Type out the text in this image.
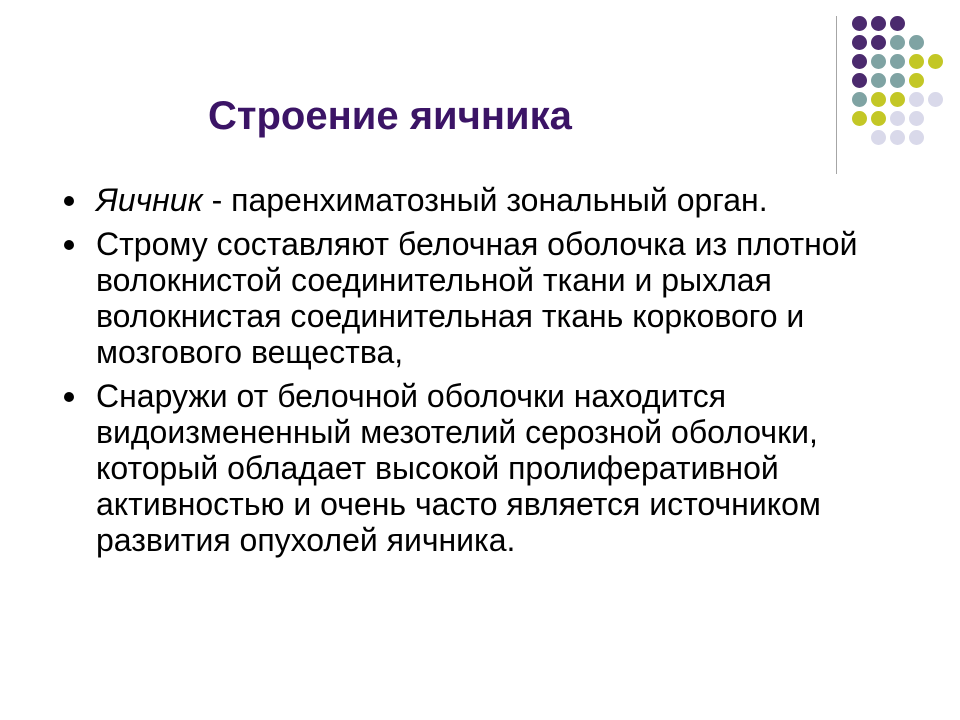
Строение яичника
Яичник - паренхиматозный зональный орган.
Строму составляют белочная оболочка из плотной волокнистой соединительной ткани и рыхлая волокнистая соединительная ткань коркового и мозгового вещества,
Снаружи от белочной оболочки находится видоизмененный мезотелий серозной оболочки, который обладает высокой пролиферативной активностью и очень часто является источником развития опухолей яичника.
